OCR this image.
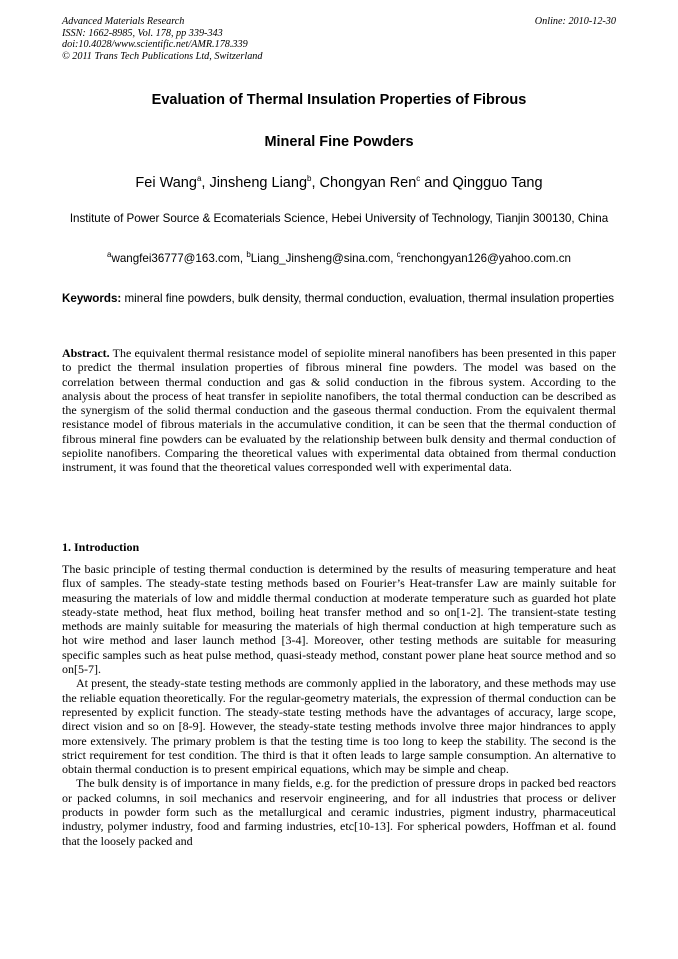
Advanced Materials Research
ISSN: 1662-8985, Vol. 178, pp 339-343
doi:10.4028/www.scientific.net/AMR.178.339
© 2011 Trans Tech Publications Ltd, Switzerland
Online: 2010-12-30
Evaluation of Thermal Insulation Properties of Fibrous
Mineral Fine Powders
Fei Wang$^a$, Jinsheng Liang$^b$, Chongyan Ren$^c$ and Qingguo Tang
Institute of Power Source & Ecomaterials Science, Hebei University of Technology, Tianjin 300130, China
$^a$wangfei36777@163.com, $^b$Liang_Jinsheng@sina.com, $^c$renchongyan126@yahoo.com.cn
Keywords: mineral fine powders, bulk density, thermal conduction, evaluation, thermal insulation properties

Abstract. The equivalent thermal resistance model of sepiolite mineral nanofibers has been presented in this paper to predict the thermal insulation properties of fibrous mineral fine powders. The model was based on the correlation between thermal conduction and gas & solid conduction in the fibrous system. According to the analysis about the process of heat transfer in sepiolite nanofibers, the total thermal conduction can be described as the synergism of the solid thermal conduction and the gaseous thermal conduction. From the equivalent thermal resistance model of fibrous materials in the accumulative condition, it can be seen that the thermal conduction of fibrous mineral fine powders can be evaluated by the relationship between bulk density and thermal conduction of sepiolite nanofibers. Comparing the theoretical values with experimental data obtained from thermal conduction instrument, it was found that the theoretical values corresponded well with experimental data.

1. Introduction

The basic principle of testing thermal conduction is determined by the results of measuring temperature and heat flux of samples. The steady-state testing methods based on Fourier’s Heat-transfer Law are mainly suitable for measuring the materials of low and middle thermal conduction at moderate temperature such as guarded hot plate steady-state method, heat flux method, boiling heat transfer method and so on[1-2]. The transient-state testing methods are mainly suitable for measuring the materials of high thermal conduction at high temperature such as hot wire method and laser launch method [3-4]. Moreover, other testing methods are suitable for measuring specific samples such as heat pulse method, quasi-steady method, constant power plane heat source method and so on[5-7].

At present, the steady-state testing methods are commonly applied in the laboratory, and these methods may use the reliable equation theoretically. For the regular-geometry materials, the expression of thermal conduction can be represented by explicit function. The steady-state testing methods have the advantages of accuracy, large scope, direct vision and so on [8-9]. However, the steady-state testing methods involve three major hindrances to apply more extensively. The primary problem is that the testing time is too long to keep the stability. The second is the strict requirement for test condition. The third is that it often leads to large sample consumption. An alternative to obtain thermal conduction is to present empirical equations, which may be simple and cheap.

The bulk density is of importance in many fields, e.g. for the prediction of pressure drops in packed bed reactors or packed columns, in soil mechanics and reservoir engineering, and for all industries that process or deliver products in powder form such as the metallurgical and ceramic industries, pigment industry, pharmaceutical industry, polymer industry, food and farming industries, etc[10-13]. For spherical powders, Hoffman et al. found that the loosely packed and
